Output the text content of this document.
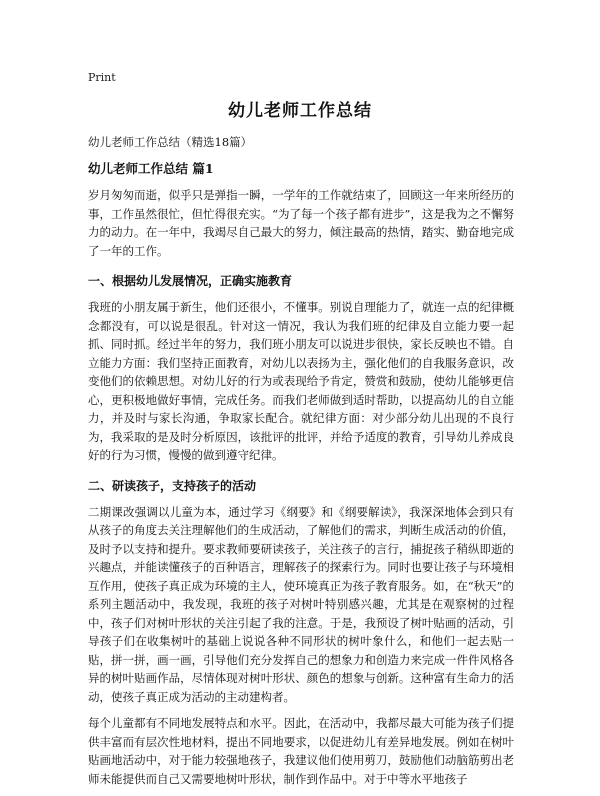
Print
幼儿老师工作总结
幼儿老师工作总结（精选18篇）
幼儿老师工作总结 篇1

岁月匆匆而逝，似乎只是弹指一瞬，一学年的工作就结束了，回顾这一年来所经历的事，工作虽然很忙，但忙得很充实。“为了每一个孩子都有进步”，这是我为之不懈努力的动力。在一年中，我竭尽自己最大的努力，倾注最高的热情，踏实、勤奋地完成了一年的工作。

一、根据幼儿发展情况，正确实施教育

我班的小朋友属于新生，他们还很小，不懂事。别说自理能力了，就连一点的纪律概念都没有，可以说是很乱。针对这一情况，我认为我们班的纪律及自立能力要一起抓、同时抓。经过半年的努力，我们班小朋友可以说进步很快，家长反映也不错。自立能力方面：我们坚持正面教育，对幼儿以表扬为主，强化他们的自我服务意识，改变他们的依赖思想。对幼儿好的行为或表现给予肯定，赞赏和鼓励，使幼儿能够更信心，更积极地做好事情，完成任务。而我们老师做到适时帮助，以提高幼儿的自立能力，并及时与家长沟通，争取家长配合。就纪律方面：对少部分幼儿出现的不良行为，我采取的是及时分析原因，该批评的批评，并给予适度的教育，引导幼儿养成良好的行为习惯，慢慢的做到遵守纪律。

二、研读孩子，支持孩子的活动

二期课改强调以儿童为本，通过学习《纲要》和《纲要解读》，我深深地体会到只有从孩子的角度去关注理解他们的生成活动，了解他们的需求，判断生成活动的价值，及时予以支持和提升。要求教师要研读孩子，关注孩子的言行，捕捉孩子稍纵即逝的兴趣点，并能读懂孩子的百种语言，理解孩子的探索行为。同时也要让孩子与环境相互作用，使孩子真正成为环境的主人，使环境真正为孩子教育服务。如，在“秋天”的系列主题活动中，我发现，我班的孩子对树叶特别感兴趣，尤其是在观察树的过程中，孩子们对树叶形状的关注引起了我的注意。于是，我预设了树叶贴画的活动，引导孩子们在收集树叶的基础上说说各种不同形状的树叶象什么，和他们一起去贴一贴，拼一拼，画一画，引导他们充分发挥自己的想象力和创造力来完成一件件风格各异的树叶贴画作品，尽情体现对树叶形状、颜色的想象与创新。这种富有生命力的活动，使孩子真正成为活动的主动建构者。

每个儿童都有不同地发展特点和水平。因此，在活动中，我都尽最大可能为孩子们提供丰富而有层次性地材料，提出不同地要求，以促进幼儿有差异地发展。例如在树叶贴画地活动中，对于能力较强地孩子，我建议他们使用剪刀，鼓励他们动脑筋剪出老师未能提供而自己又需要地树叶形状，制作到作品中。对于中等水平地孩子
